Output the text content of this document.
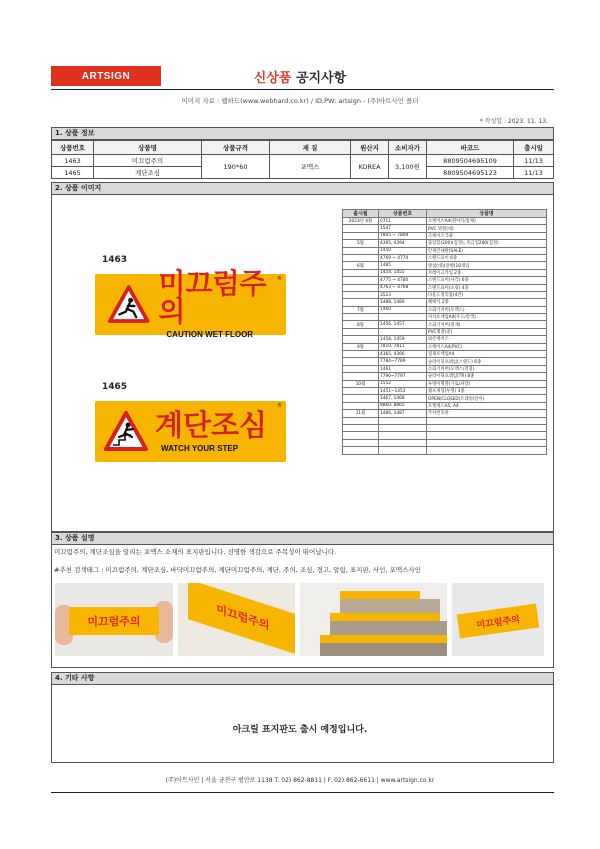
ARTSIGN	신상품 공지사항
이미지 자료 : 웹하드(www.webhard.co.kr) / ID,PW: artsign - (주)아트사인 폴더
* 작성일 : 2023. 11. 13.
1. 상품 정보
상품번호	상품명	상품규격	재 질	원산지	소비자가	바코드	출시일
1463	미끄럼주의	190*60	포맥스	KOREA	3,100원	8809504695109	11/13
1465	계단조심					8809504695123	11/13
2. 상품 이미지
1463
미끄럼주의
CAUTION WET FLOOR
®
1465
계단조심
WATCH YOUR STEP
®
출시월	상품번호	상품명
2023년 4월	0711	소케이스A4(원아식/통제)
	1547	PVC 명찰(대)
	7805 ~ 7809	소케이스 5종
5월	4395, 4394	출입할(200)(검정), 옥금험200(검정)
	1450	안제안내판(SALE)
	4769 ~ 4774	스탠드표이 6종
6월	1485	방침(대)(용행)10개입
	1454, 1455	브레이크카입 2종
	4775 ~ 4780	스탠드표이(사각) 6종
	4763 ~ 4768	스탠드표이(소형) 4종
	3523	다용도정리함(4칸)
	1488, 1489	혜택석 2종
7월	1460	소화기커버(포맥스)
		자석포케입A4(우드/갈색)
8월	1456, 1457	소화기커버(철재)
		PVC명찰(중)
	1458, 1459	와콘케이스
9월	7810, 7811	소케이스A4(PVC)
	4365, 4366	접제포케입A4
	7784~7789	슬라이딩프레임(스탠드) 6종
	1461	소화기커버(포맥스/결형)
	7790~7797	슬라이딩프레임(TR) 8종
10월	1552	투명이명찰(가로/파랑)
	1451~1453	월포제입(투명) 3종
	1467, 1468	OPEN/CLOSED(트레킹/갈이)
	8860, 8865	포켓제드A5, A4
11월	1486, 1487	주차번호판

3. 상품 설명
미끄럼주의, 계단조심을 알리는 포맥스 소재의 표지판입니다. 선명한 색감으로 주목성이 뛰어납니다.
#추천 검색태그 : 미끄럼주의, 계단조심, 바닥미끄럼주의, 계단미끄럼주의, 계단, 주의, 조심, 경고, 알림, 표지판, 사인, 포맥스사인
미끄럼주의	미끄럼주의	미끄럼주의
4. 기타 사항
아크릴 표지판도 출시 예정입니다.
(주)아트사인 | 서울 금천구 범안로 1138 T. 02) 862-8811 | F. 02) 862-6611 | www.artsign.co.kr
